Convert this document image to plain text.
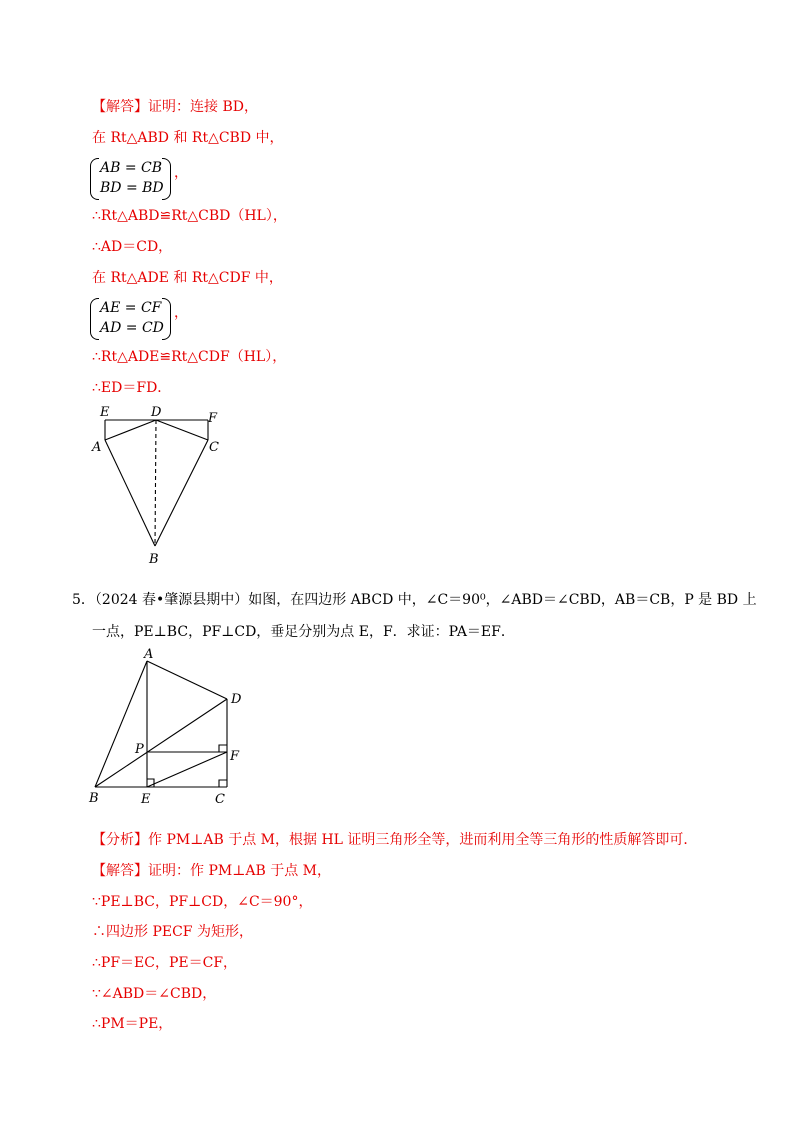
【解答】证明：连接 BD，
在 Rt△ABD 和 Rt△CBD 中，
AB = CB
BD = BD
，
∴Rt△ABD≌Rt△CBD（HL），
∴AD＝CD，
在 Rt△ADE 和 Rt△CDF 中，
AE = CF
AD = CD
，
∴Rt△ADE≌Rt△CDF（HL），
∴ED＝FD．
E	D	F
A	C
B
5．（2024 春•肇源县期中）如图，在四边形 ABCD 中，∠C＝90⁰，∠ABD＝∠CBD，AB＝CB，P 是 BD 上
一点，PE⊥BC，PF⊥CD，垂足分别为点 E，F．求证：PA＝EF．
A
D
P	F
B	E	C
【分析】作 PM⊥AB 于点 M，根据 HL 证明三角形全等，进而利用全等三角形的性质解答即可．
【解答】证明：作 PM⊥AB 于点 M，
∵PE⊥BC，PF⊥CD，∠C＝90°，
∴四边形 PECF 为矩形，
∴PF＝EC，PE＝CF，
∵∠ABD＝∠CBD，
∴PM＝PE，
